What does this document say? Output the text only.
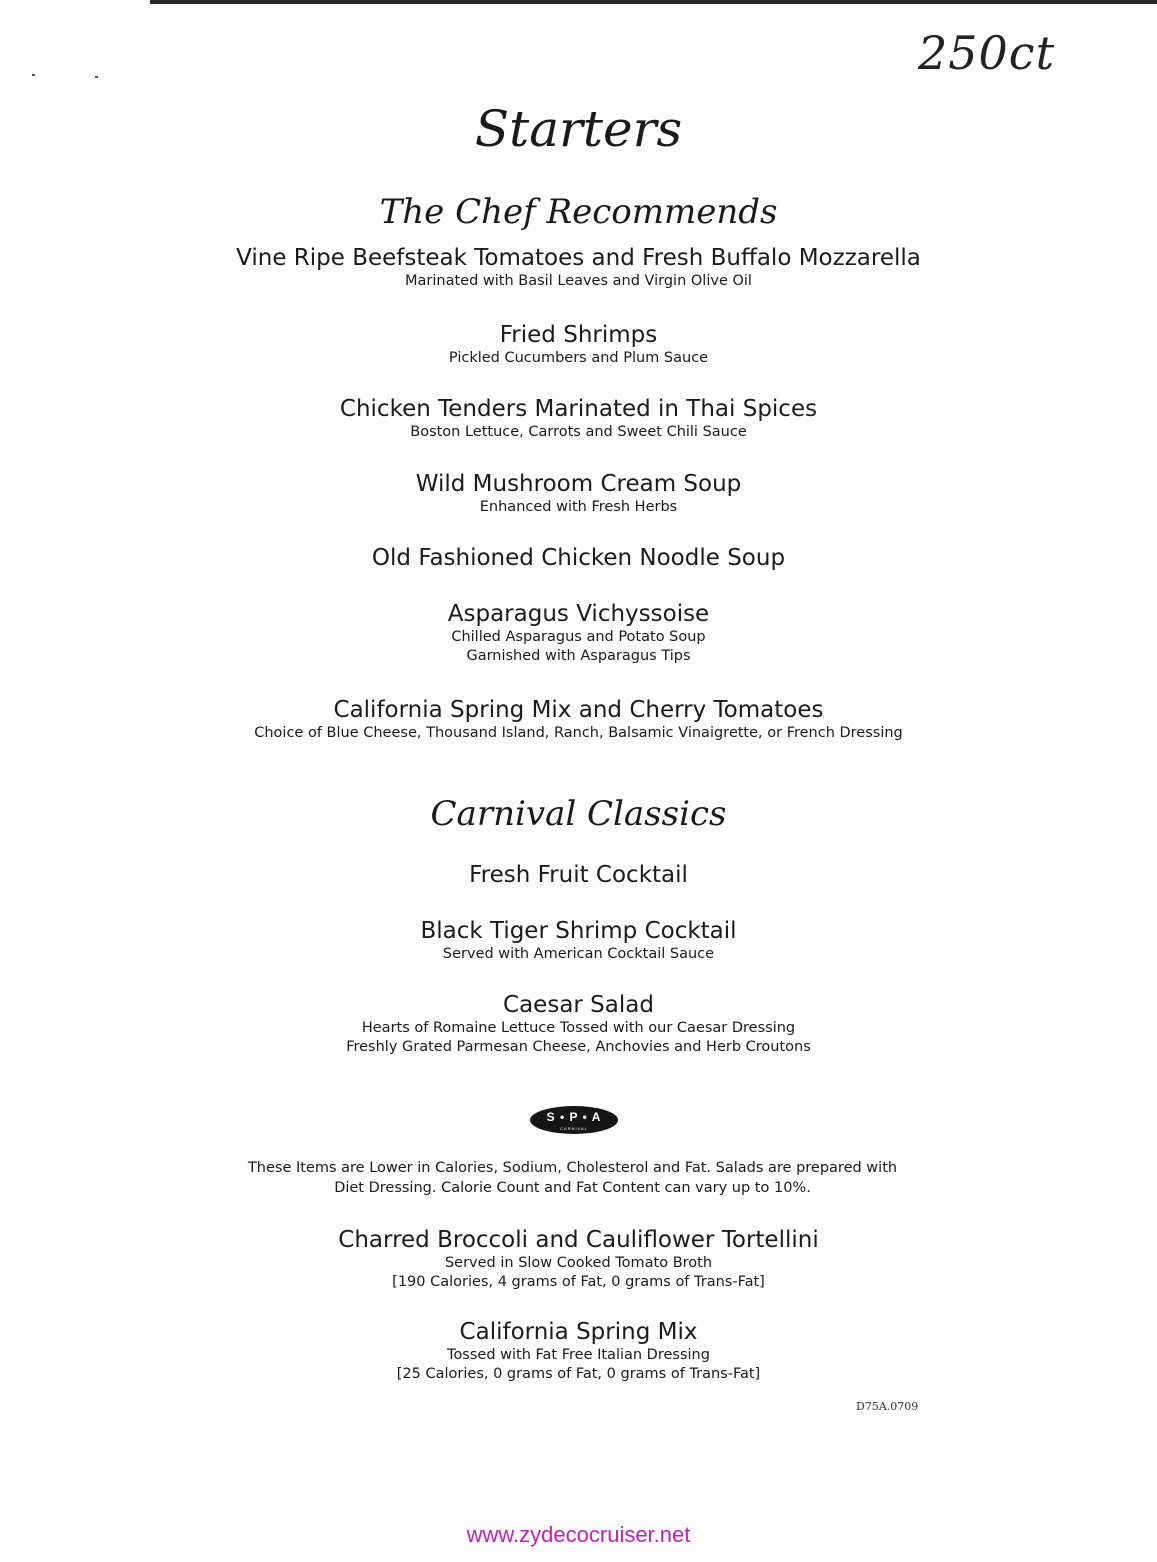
250ct
Starters
The Chef Recommends
Vine Ripe Beefsteak Tomatoes and Fresh Buffalo Mozzarella
Marinated with Basil Leaves and Virgin Olive Oil
Fried Shrimps
Pickled Cucumbers and Plum Sauce
Chicken Tenders Marinated in Thai Spices
Boston Lettuce, Carrots and Sweet Chili Sauce
Wild Mushroom Cream Soup
Enhanced with Fresh Herbs
Old Fashioned Chicken Noodle Soup
Asparagus Vichyssoise
Chilled Asparagus and Potato Soup
Garnished with Asparagus Tips
California Spring Mix and Cherry Tomatoes
Choice of Blue Cheese, Thousand Island, Ranch, Balsamic Vinaigrette, or French Dressing
Carnival Classics
Fresh Fruit Cocktail
Black Tiger Shrimp Cocktail
Served with American Cocktail Sauce
Caesar Salad
Hearts of Romaine Lettuce Tossed with our Caesar Dressing
Freshly Grated Parmesan Cheese, Anchovies and Herb Croutons
S • P • A
CARNIVAL
These Items are Lower in Calories, Sodium, Cholesterol and Fat. Salads are prepared with Diet Dressing. Calorie Count and Fat Content can vary up to 10%.
Charred Broccoli and Cauliflower Tortellini
Served in Slow Cooked Tomato Broth
[190 Calories, 4 grams of Fat, 0 grams of Trans-Fat]
California Spring Mix
Tossed with Fat Free Italian Dressing
[25 Calories, 0 grams of Fat, 0 grams of Trans-Fat]
D75A.0709
www.zydecocruiser.net
